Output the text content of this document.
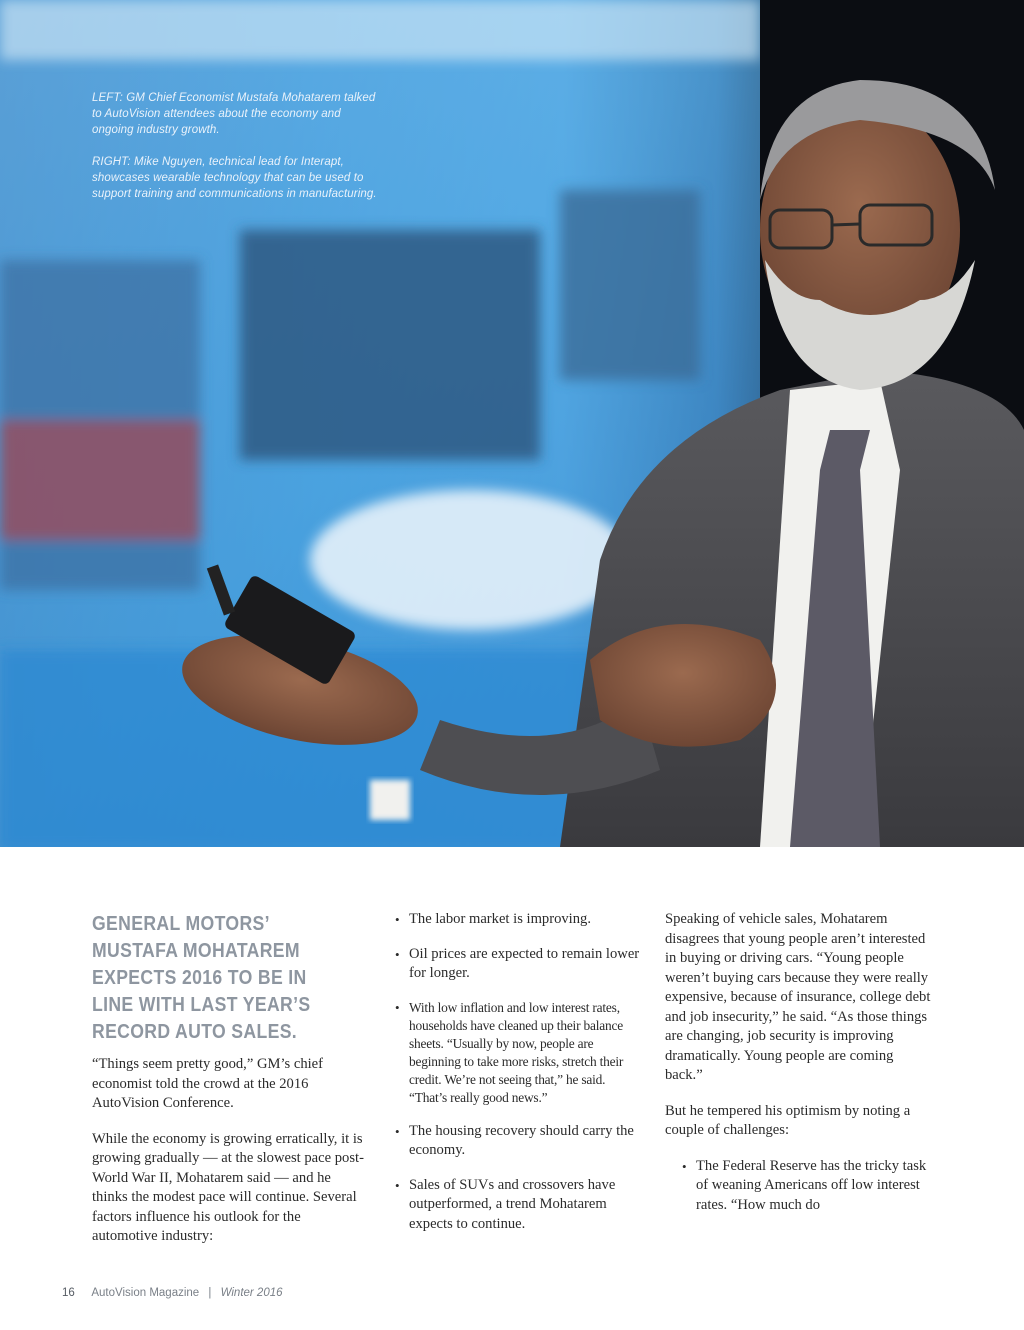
LEFT: GM Chief Economist Mustafa Mohatarem talked to AutoVision attendees about the economy and ongoing industry growth.

RIGHT: Mike Nguyen, technical lead for Interapt, showcases wearable technology that can be used to support training and communications in manufacturing.

GENERAL MOTORS’ MUSTAFA MOHATAREM EXPECTS 2016 TO BE IN LINE WITH LAST YEAR’S RECORD AUTO SALES.

“Things seem pretty good,” GM’s chief economist told the crowd at the 2016 AutoVision Conference.

While the economy is growing erratically, it is growing gradually — at the slowest pace post-World War II, Mohatarem said — and he thinks the modest pace will continue. Several factors influence his outlook for the automotive industry:

• The labor market is improving.
• Oil prices are expected to remain lower for longer.
• With low inflation and low interest rates, households have cleaned up their balance sheets. “Usually by now, people are beginning to take more risks, stretch their credit. We’re not seeing that,” he said. “That’s really good news.”
• The housing recovery should carry the economy.
• Sales of SUVs and crossovers have outperformed, a trend Mohatarem expects to continue.

Speaking of vehicle sales, Mohatarem disagrees that young people aren’t interested in buying or driving cars. “Young people weren’t buying cars because they were really expensive, because of insurance, college debt and job insecurity,” he said. “As those things are changing, job security is improving dramatically. Young people are coming back.”

But he tempered his optimism by noting a couple of challenges:

• The Federal Reserve has the tricky task of weaning Americans off low interest rates. “How much do
16 AutoVision Magazine | Winter 2016
